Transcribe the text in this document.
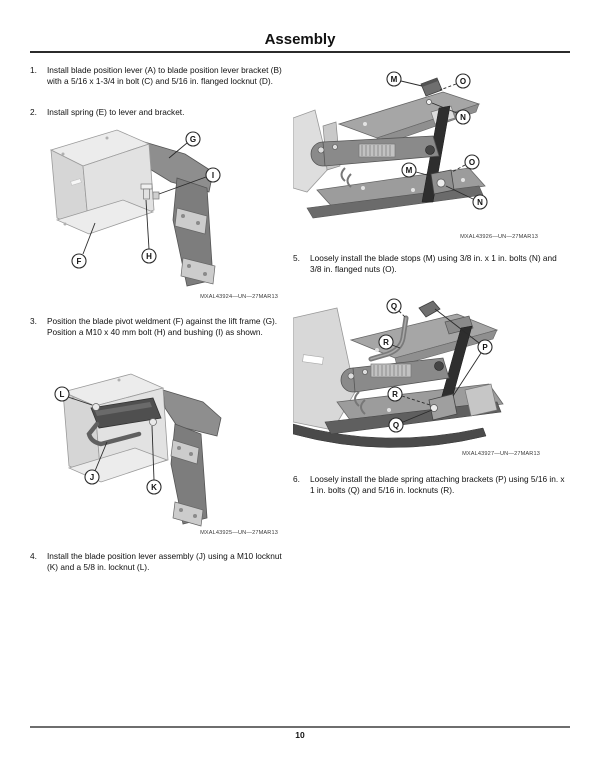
Assembly
1.	Install blade position lever (A) to blade position lever bracket (B) with a 5/16 x 1-3/4 in bolt (C) and 5/16 in. flanged locknut (D).
2.	Install spring (E) to lever and bracket.
G
I
F
H
MXAL43924—UN—27MAR13
3.	Position the blade pivot weldment (F) against the lift frame (G). Position a M10 x 40 mm bolt (H) and bushing (I) as shown.
L
J
K
MXAL43925—UN—27MAR13
4.	Install the blade position lever assembly (J) using a M10 locknut (K) and a 5/8 in. locknut (L).
M	O
N
O
M
N
MXAL43926—UN—27MAR13
5.	Loosely install the blade stops (M) using 3/8 in. x 1 in. bolts (N) and 3/8 in. flanged nuts (O).
Q
R
P
R
Q
MXAL43927—UN—27MAR13
6.	Loosely install the blade spring attaching brackets (P) using 5/16 in. x 1 in. bolts (Q) and 5/16 in. locknuts (R).
10
